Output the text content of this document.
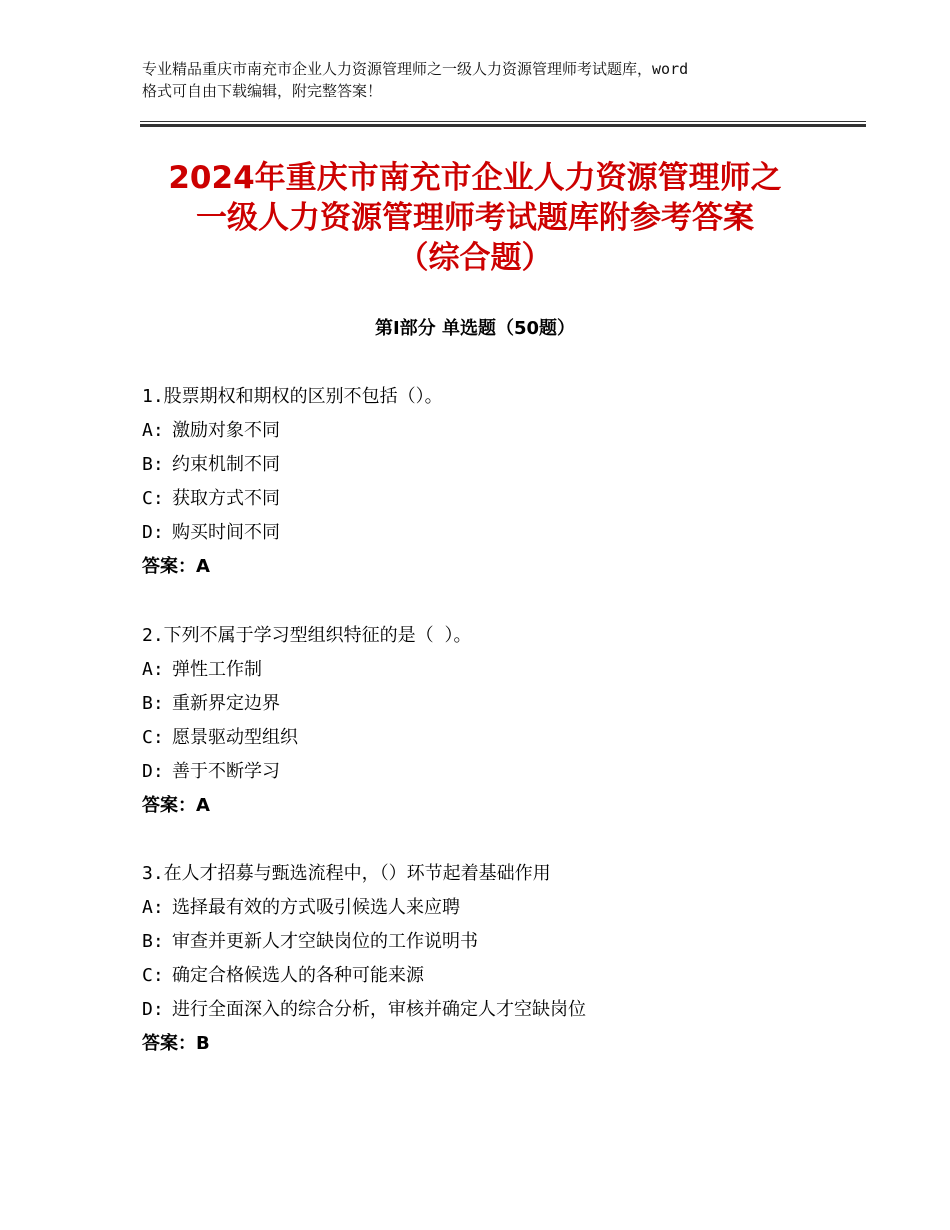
专业精品重庆市南充市企业人力资源管理师之一级人力资源管理师考试题库，word
格式可自由下载编辑，附完整答案！
2024年重庆市南充市企业人力资源管理师之
一级人力资源管理师考试题库附参考答案
（综合题）
第Ⅰ部分 单选题（50题）
1.股票期权和期权的区别不包括（）。
A: 激励对象不同
B: 约束机制不同
C: 获取方式不同
D: 购买时间不同
答案：A
2.下列不属于学习型组织特征的是（ ）。
A: 弹性工作制
B: 重新界定边界
C: 愿景驱动型组织
D: 善于不断学习
答案：A
3.在人才招募与甄选流程中，（）环节起着基础作用
A: 选择最有效的方式吸引候选人来应聘
B: 审查并更新人才空缺岗位的工作说明书
C: 确定合格候选人的各种可能来源
D: 进行全面深入的综合分析，审核并确定人才空缺岗位
答案：B
